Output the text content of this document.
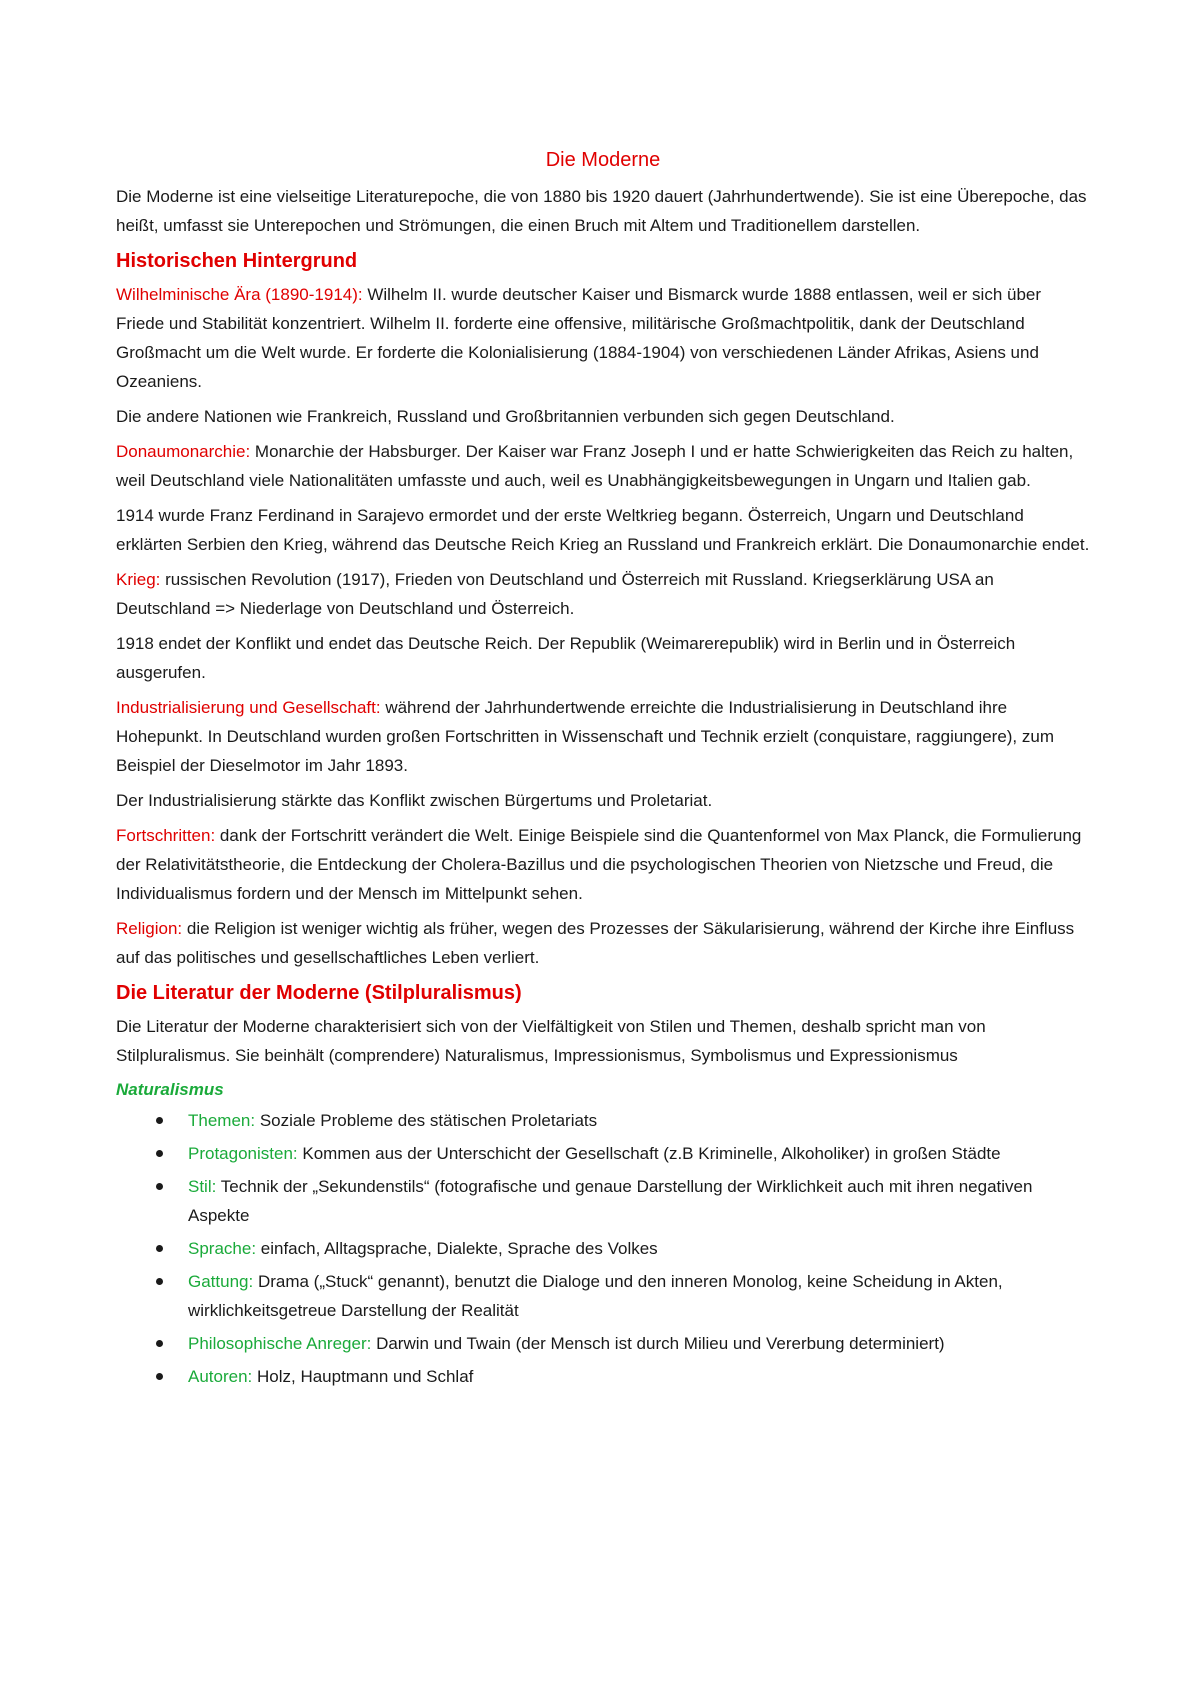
Die Moderne

Die Moderne ist eine vielseitige Literaturepoche, die von 1880 bis 1920 dauert (Jahrhundertwende). Sie ist eine Überepoche, das heißt, umfasst sie Unterepochen und Strömungen, die einen Bruch mit Altem und Traditionellem darstellen.

Historischen Hintergrund

Wilhelminische Ära (1890-1914): Wilhelm II. wurde deutscher Kaiser und Bismarck wurde 1888 entlassen, weil er sich über Friede und Stabilität konzentriert. Wilhelm II. forderte eine offensive, militärische Großmachtpolitik, dank der Deutschland Großmacht um die Welt wurde. Er forderte die Kolonialisierung (1884-1904) von verschiedenen Länder Afrikas, Asiens und Ozeaniens.

Die andere Nationen wie Frankreich, Russland und Großbritannien verbunden sich gegen Deutschland.

Donaumonarchie: Monarchie der Habsburger. Der Kaiser war Franz Joseph I und er hatte Schwierigkeiten das Reich zu halten, weil Deutschland viele Nationalitäten umfasste und auch, weil es Unabhängigkeitsbewegungen in Ungarn und Italien gab.

1914 wurde Franz Ferdinand in Sarajevo ermordet und der erste Weltkrieg begann. Österreich, Ungarn und Deutschland erklärten Serbien den Krieg, während das Deutsche Reich Krieg an Russland und Frankreich erklärt. Die Donaumonarchie endet.

Krieg: russischen Revolution (1917), Frieden von Deutschland und Österreich mit Russland. Kriegserklärung USA an Deutschland => Niederlage von Deutschland und Österreich.

1918 endet der Konflikt und endet das Deutsche Reich. Der Republik (Weimarerepublik) wird in Berlin und in Österreich ausgerufen.

Industrialisierung und Gesellschaft: während der Jahrhundertwende erreichte die Industrialisierung in Deutschland ihre Hohepunkt. In Deutschland wurden großen Fortschritten in Wissenschaft und Technik erzielt (conquistare, raggiungere), zum Beispiel der Dieselmotor im Jahr 1893.

Der Industrialisierung stärkte das Konflikt zwischen Bürgertums und Proletariat.

Fortschritten: dank der Fortschritt verändert die Welt. Einige Beispiele sind die Quantenformel von Max Planck, die Formulierung der Relativitätstheorie, die Entdeckung der Cholera-Bazillus und die psychologischen Theorien von Nietzsche und Freud, die Individualismus fordern und der Mensch im Mittelpunkt sehen.

Religion: die Religion ist weniger wichtig als früher, wegen des Prozesses der Säkularisierung, während der Kirche ihre Einfluss auf das politisches und gesellschaftliches Leben verliert.

Die Literatur der Moderne (Stilpluralismus)

Die Literatur der Moderne charakterisiert sich von der Vielfältigkeit von Stilen und Themen, deshalb spricht man von Stilpluralismus. Sie beinhält (comprendere) Naturalismus, Impressionismus, Symbolismus und Expressionismus

Naturalismus
Themen: Soziale Probleme des stätischen Proletariats
Protagonisten: Kommen aus der Unterschicht der Gesellschaft (z.B Kriminelle, Alkoholiker) in großen Städte
Stil: Technik der „Sekundenstils“ (fotografische und genaue Darstellung der Wirklichkeit auch mit ihren negativen Aspekte
Sprache: einfach, Alltagsprache, Dialekte, Sprache des Volkes
Gattung: Drama („Stuck“ genannt), benutzt die Dialoge und den inneren Monolog, keine Scheidung in Akten, wirklichkeitsgetreue Darstellung der Realität
Philosophische Anreger: Darwin und Twain (der Mensch ist durch Milieu und Vererbung determiniert)
Autoren: Holz, Hauptmann und Schlaf
